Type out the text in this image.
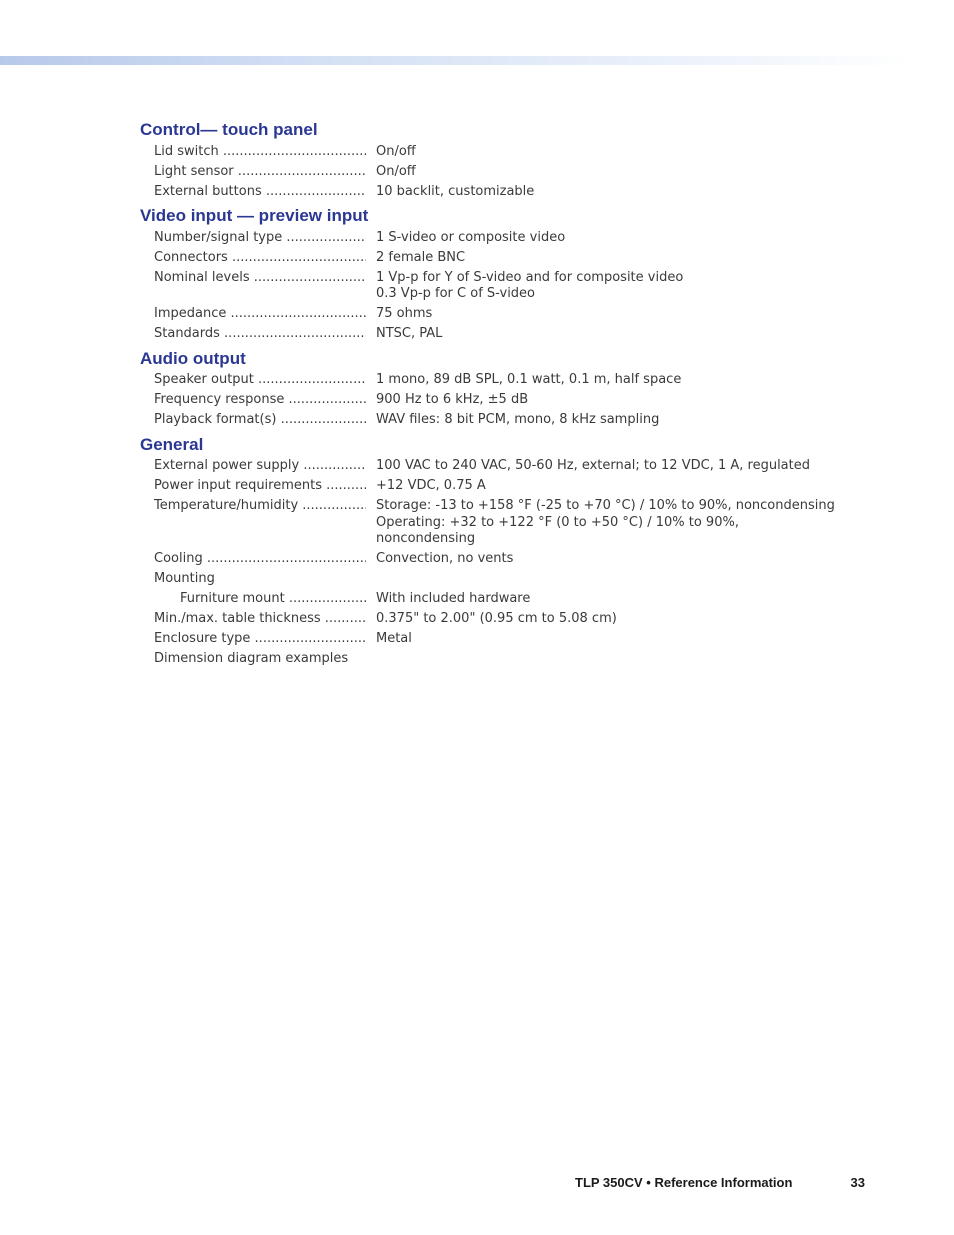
Control— touch panel
Lid switch .....	On/off
Light sensor .....	On/off
External buttons .....	10 backlit, customizable
Video input — preview input
Number/signal type .....	1 S-video or composite video
Connectors .....	2 female BNC
Nominal levels .....	1 Vp-p for Y of S-video and for composite video
0.3 Vp-p for C of S-video
Impedance .....	75 ohms
Standards .....	NTSC, PAL
Audio output
Speaker output .....	1 mono, 89 dB SPL, 0.1 watt, 0.1 m, half space
Frequency response .....	900 Hz to 6 kHz, ±5 dB
Playback format(s) .....	WAV files: 8 bit PCM, mono, 8 kHz sampling
General
External power supply .....	100 VAC to 240 VAC, 50-60 Hz, external; to 12 VDC, 1 A, regulated
Power input requirements .....	+12 VDC, 0.75 A
Temperature/humidity .....	Storage: -13 to +158 °F (-25 to +70 °C) / 10% to 90%, noncondensing
Operating: +32 to +122 °F (0 to +50 °C) / 10% to 90%, noncondensing
Cooling .....	Convection, no vents
Mounting
Furniture mount .....	With included hardware
Min./max. table thickness .....	0.375" to 2.00" (0.95 cm to 5.08 cm)
Enclosure type .....	Metal
Dimension diagram examples
TLP 350CV • Reference Information	33
